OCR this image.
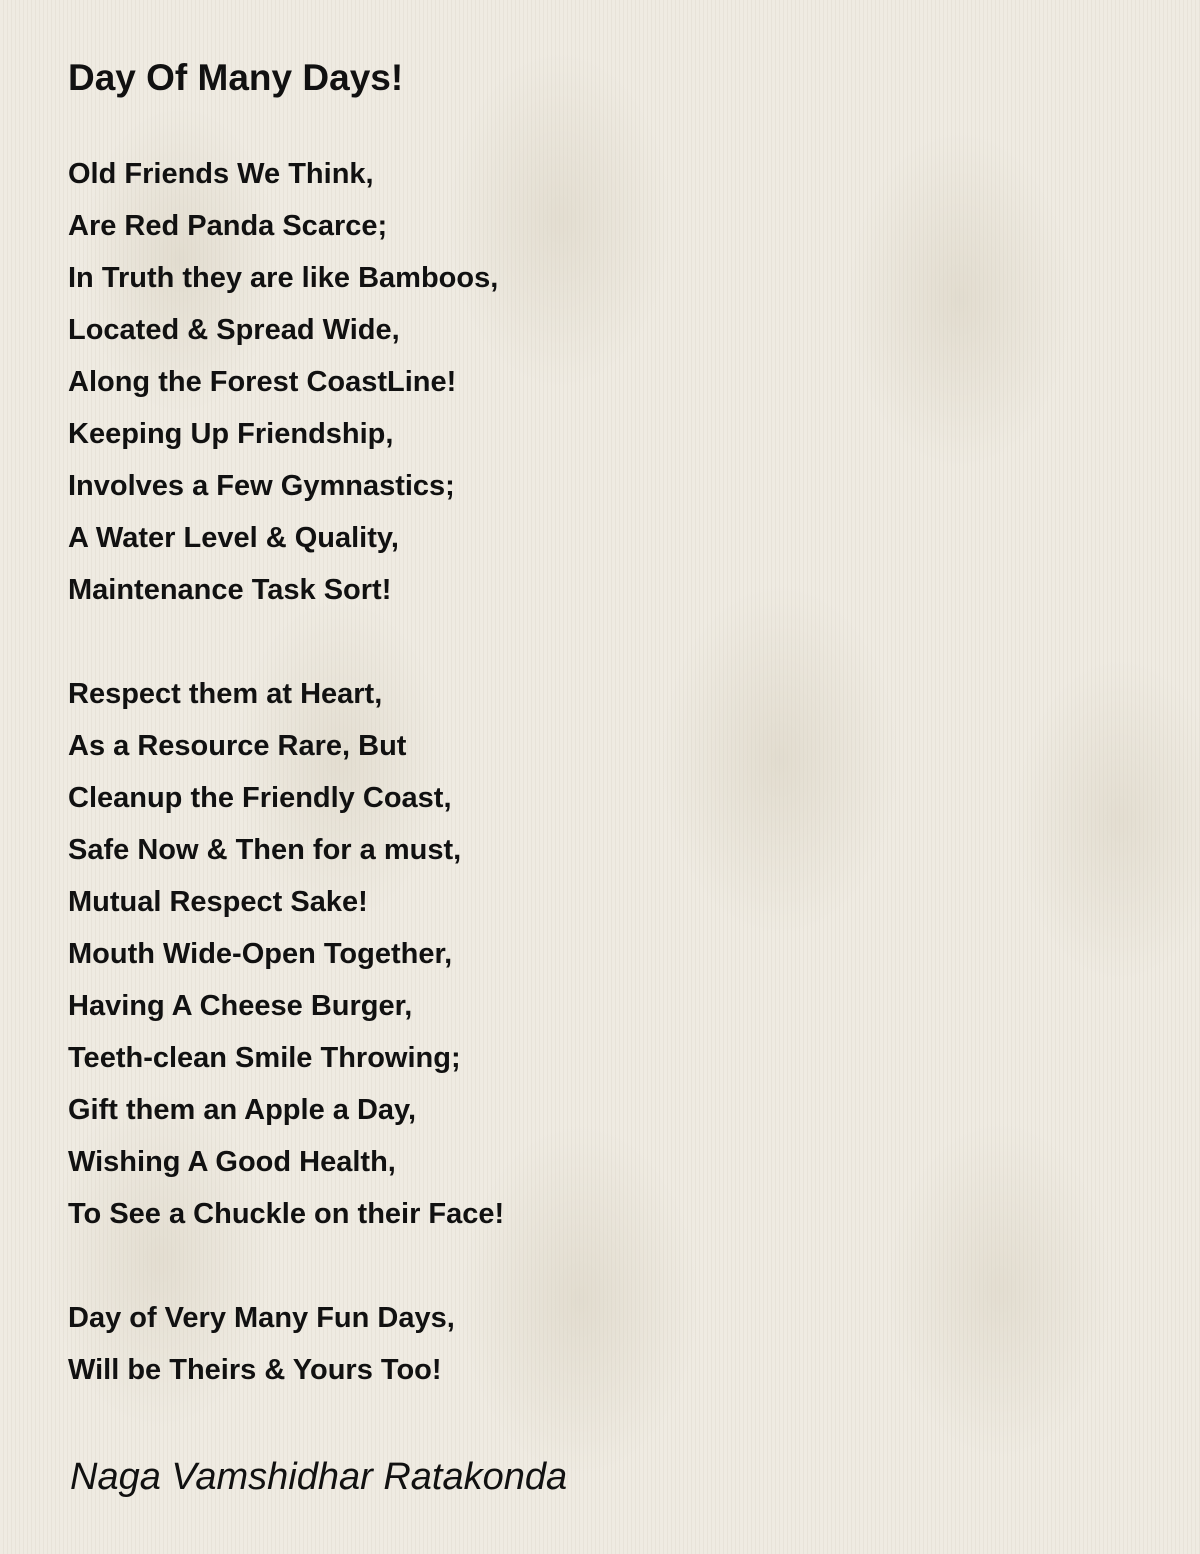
Day Of Many Days!

Old Friends We Think,
Are Red Panda Scarce;
In Truth they are like Bamboos,
Located & Spread Wide,
Along the Forest CoastLine!
Keeping Up Friendship,
Involves a Few Gymnastics;
A Water Level & Quality,
Maintenance Task Sort!

Respect them at Heart,
As a Resource Rare, But
Cleanup the Friendly Coast,
Safe Now & Then for a must,
Mutual Respect Sake!
Mouth Wide-Open Together,
Having A Cheese Burger,
Teeth-clean Smile Throwing;
Gift them an Apple a Day,
Wishing A Good Health,
To See a Chuckle on their Face!

Day of Very Many Fun Days,
Will be Theirs & Yours Too!

Naga Vamshidhar Ratakonda
